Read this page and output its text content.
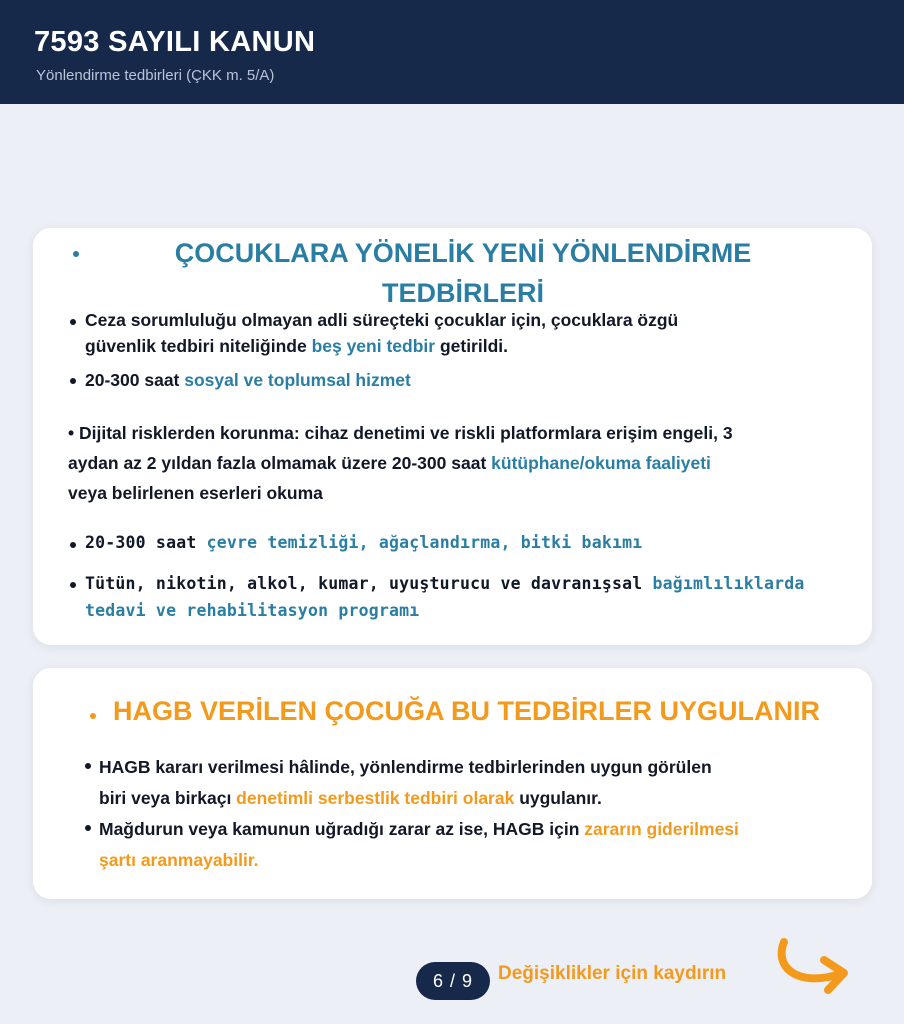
7593 SAYILI KANUN
Yönlendirme tedbirleri (ÇKK m. 5/A)
ÇOCUKLARA YÖNELİK YENİ YÖNLENDİRME
TEDBİRLERİ
Ceza sorumluluğu olmayan adli süreçteki çocuklar için, çocuklara özgü
güvenlik tedbiri niteliğinde beş yeni tedbir getirildi.
20-300 saat sosyal ve toplumsal hizmet
• Dijital risklerden korunma: cihaz denetimi ve riskli platformlara erişim engeli, 3
aydan az 2 yıldan fazla olmamak üzere 20-300 saat kütüphane/okuma faaliyeti
veya belirlenen eserleri okuma
20-300 saat çevre temizliği, ağaçlandırma, bitki bakımı
Tütün, nikotin, alkol, kumar, uyuşturucu ve davranışsal bağımlılıklarda
tedavi ve rehabilitasyon programı
HAGB VERİLEN ÇOCUĞA BU TEDBİRLER UYGULANIR
HAGB kararı verilmesi hâlinde, yönlendirme tedbirlerinden uygun görülen
biri veya birkaçı denetimli serbestlik tedbiri olarak uygulanır.
Mağdurun veya kamunun uğradığı zarar az ise, HAGB için zararın giderilmesi
şartı aranmayabilir.
6 / 9	Değişiklikler için kaydırın
